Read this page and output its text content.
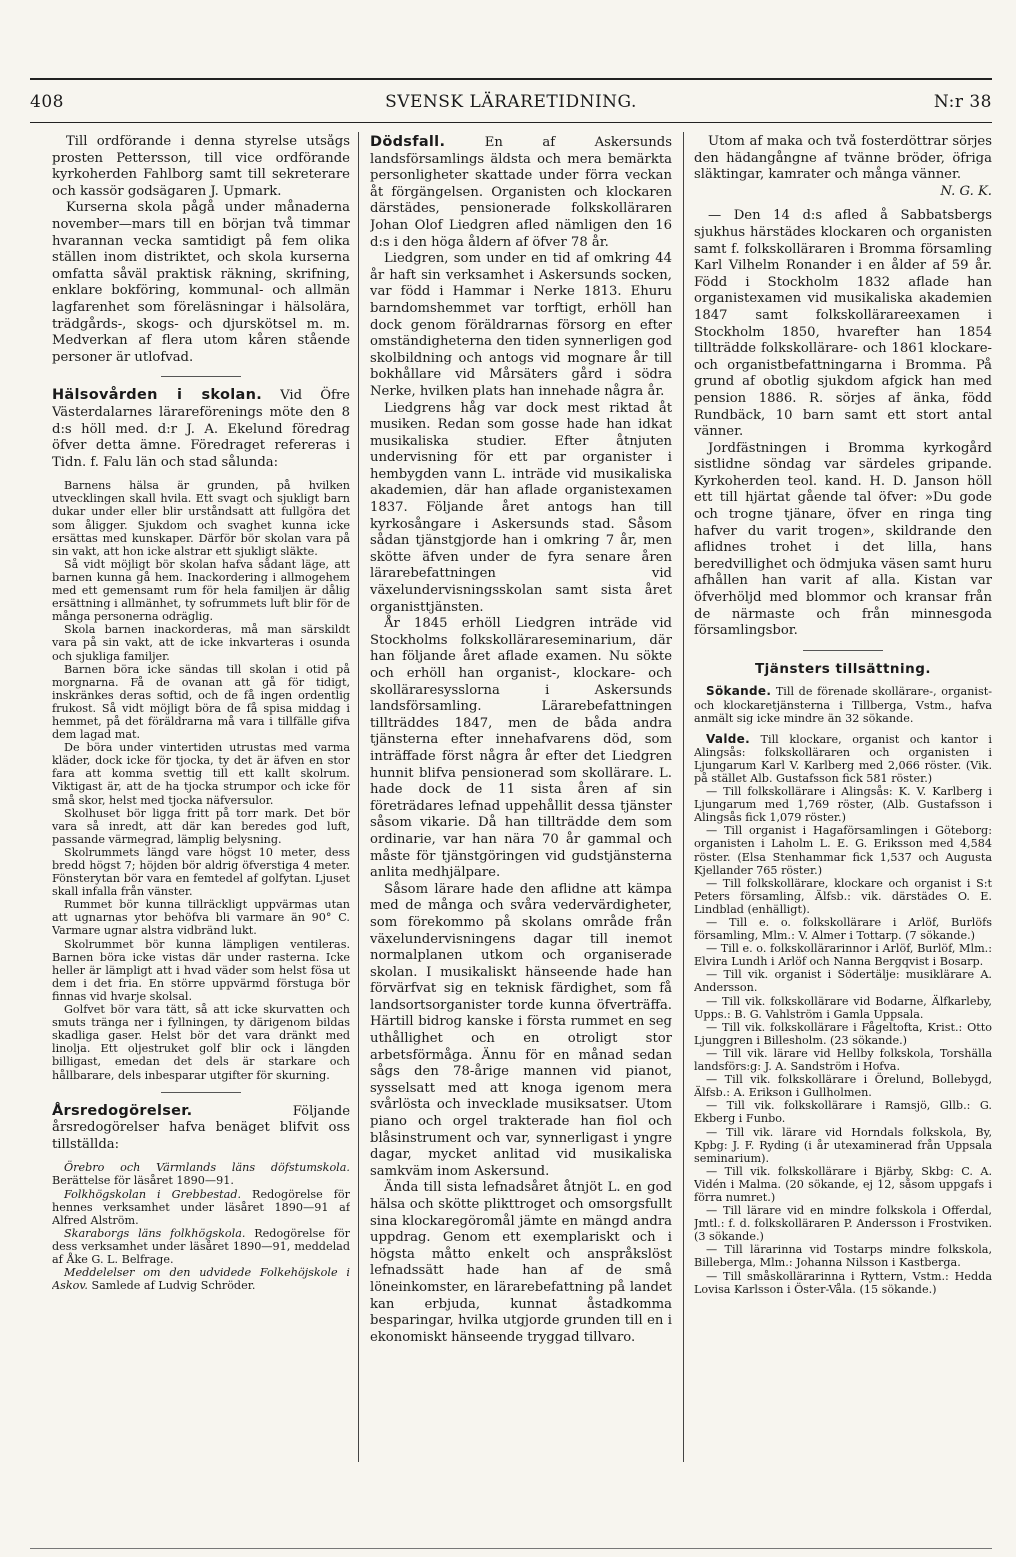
408	SVENSK LÄRARETIDNING.	N:r 38

Till ordförande i denna styrelse utsågs prosten Pettersson, till vice ordförande kyrkoherden Fahlborg samt till sekreterare och kassör godsägaren J. Upmark.

Kurserna skola pågå under månaderna november—mars till en början två timmar hvarannan vecka samtidigt på fem olika ställen inom distriktet, och skola kurserna omfatta såväl praktisk räkning, skrifning, enklare bokföring, kommunal- och allmän lagfarenhet som föreläsningar i hälsolära, trädgårds-, skogs- och djurskötsel m. m. Medverkan af flera utom kåren stående personer är utlofvad.

Hälsovården i skolan. Vid Öfre Västerdalarnes lärareförenings möte den 8 d:s höll med. d:r J. A. Ekelund föredrag öfver detta ämne. Föredraget refereras i Tidn. f. Falu län och stad sålunda:

Barnens hälsa är grunden, på hvilken utvecklingen skall hvila. Ett svagt och sjukligt barn dukar under eller blir urståndsatt att fullgöra det som åligger. Sjukdom och svaghet kunna icke ersättas med kunskaper. Därför bör skolan vara på sin vakt, att hon icke alstrar ett sjukligt släkte.

Så vidt möjligt bör skolan hafva sådant läge, att barnen kunna gå hem. Inackordering i allmogehem med ett gemensamt rum för hela familjen är dålig ersättning i allmänhet, ty sofrummets luft blir för de många personerna odräglig.

Skola barnen inackorderas, må man särskildt vara på sin vakt, att de icke inkvarteras i osunda och sjukliga familjer.

Barnen böra icke sändas till skolan i otid på morgnarna. Få de ovanan att gå för tidigt, inskränkes deras softid, och de få ingen ordentlig frukost. Så vidt möjligt böra de få spisa middag i hemmet, på det föräldrarna må vara i tillfälle gifva dem lagad mat.

De böra under vintertiden utrustas med varma kläder, dock icke för tjocka, ty det är äfven en stor fara att komma svettig till ett kallt skolrum. Viktigast är, att de ha tjocka strumpor och icke för små skor, helst med tjocka näfversulor.

Skolhuset bör ligga fritt på torr mark. Det bör vara så inredt, att där kan beredes god luft, passande värmegrad, lämplig belysning.

Skolrummets längd vare högst 10 meter, dess bredd högst 7; höjden bör aldrig öfverstiga 4 meter. Fönsterytan bör vara en femtedel af golfytan. Ljuset skall infalla från vänster.

Rummet bör kunna tillräckligt uppvärmas utan att ugnarnas ytor behöfva bli varmare än 90° C. Varmare ugnar alstra vidbränd lukt.

Skolrummet bör kunna lämpligen ventileras. Barnen böra icke vistas där under rasterna. Icke heller är lämpligt att i hvad väder som helst fösa ut dem i det fria. En större uppvärmd förstuga bör finnas vid hvarje skolsal.

Golfvet bör vara tätt, så att icke skurvatten och smuts tränga ner i fyllningen, ty därigenom bildas skadliga gaser. Helst bör det vara dränkt med linolja. Ett oljestruket golf blir ock i längden billigast, emedan det dels är starkare och hållbarare, dels inbesparar utgifter för skurning.

Årsredogörelser.	Följande årsredogörelser hafva benäget blifvit oss tillställda:

Örebro och Värmlands läns döfstumskola. Berättelse för läsåret 1890—91.

Folkhögskolan i Grebbestad. Redogörelse för hennes verksamhet under läsåret 1890—91 af Alfred Alström.

Skaraborgs läns folkhögskola. Redogörelse för dess verksamhet under läsåret 1890—91, meddelad af Åke G. L. Belfrage.

Meddelelser om den udvidede Folkehöjskole i Askov. Samlede af Ludvig Schröder.

Dödsfall.	En af Askersunds landsförsamlings äldsta och mera bemärkta personligheter skattade under förra veckan åt förgängelsen. Organisten och klockaren därstädes, pensionerade folkskolläraren Johan Olof Liedgren afled nämligen den 16 d:s i den höga åldern af öfver 78 år.

Liedgren, som under en tid af omkring 44 år haft sin verksamhet i Askersunds socken, var född i Hammar i Nerke 1813. Ehuru barndomshemmet var torftigt, erhöll han dock genom föräldrarnas försorg en efter omständigheterna den tiden synnerligen god skolbildning och antogs vid mognare år till bokhållare vid Mårsäters gård i södra Nerke, hvilken plats han innehade några år.

Liedgrens håg var dock mest riktad åt musiken. Redan som gosse hade han idkat musikaliska studier. Efter åtnjuten undervisning för ett par organister i hembygden vann L. inträde vid musikaliska akademien, där han aflade organistexamen 1837. Följande året antogs han till kyrkosångare i Askersunds stad. Såsom sådan tjänstgjorde han i omkring 7 år, men skötte äfven under de fyra senare åren lärarebefattningen vid växelundervisningsskolan samt sista året organisttjänsten.

År 1845 erhöll Liedgren inträde vid Stockholms folkskollärareseminarium, där han följande året aflade examen. Nu sökte och erhöll han organist-, klockare- och skolläraresysslorna i Askersunds landsförsamling. Lärarebefattningen tillträddes 1847, men de båda andra tjänsterna efter innehafvarens död, som inträffade först några år efter det Liedgren hunnit blifva pensionerad som skollärare. L. hade dock de 11 sista åren af sin företrädares lefnad uppehållit dessa tjänster såsom vikarie. Då han tillträdde dem som ordinarie, var han nära 70 år gammal och måste för tjänstgöringen vid gudstjänsterna anlita medhjälpare.

Såsom lärare hade den aflidne att kämpa med de många och svåra vedervärdigheter, som förekommo på skolans område från växelundervisningens dagar till inemot normalplanen utkom och organiserade skolan. I musikaliskt hänseende hade han förvärfvat sig en teknisk färdighet, som få landsortsorganister torde kunna öfverträffa. Härtill bidrog kanske i första rummet en seg uthållighet och en otroligt stor arbetsförmåga. Ännu för en månad sedan sågs den 78-årige mannen vid pianot, sysselsatt med att knoga igenom mera svårlösta och invecklade musiksatser. Utom piano och orgel trakterade han fiol och blåsinstrument och var, synnerligast i yngre dagar, mycket anlitad vid musikaliska samkväm inom Askersund.

Ända till sista lefnadsåret åtnjöt L. en god hälsa och skötte plikttroget och omsorgsfullt sina klockaregöromål jämte en mängd andra uppdrag. Genom ett exemplariskt och i högsta måtto enkelt och anspråkslöst lefnadssätt hade han af de små löneinkomster, en lärarebefattning på landet kan erbjuda, kunnat åstadkomma besparingar, hvilka utgjorde grunden till en i ekonomiskt hänseende tryggad tillvaro.

Utom af maka och två fosterdöttrar sörjes den hädangångne af tvänne bröder, öfriga släktingar, kamrater och många vänner.

N. G. K.

— Den 14 d:s afled å Sabbatsbergs sjukhus härstädes klockaren och organisten samt f. folkskolläraren i Bromma församling Karl Vilhelm Ronander i en ålder af 59 år. Född i Stockholm 1832 aflade han organistexamen vid musikaliska akademien 1847 samt folkskollärareexamen i Stockholm 1850, hvarefter han 1854 tillträdde folkskollärare- och 1861 klockare- och organistbefattningarna i Bromma. På grund af obotlig sjukdom afgick han med pension 1886. R. sörjes af änka, född Rundbäck, 10 barn samt ett stort antal vänner.

Jordfästningen i Bromma kyrkogård sistlidne söndag var särdeles gripande. Kyrkoherden teol. kand. H. D. Janson höll ett till hjärtat gående tal öfver: »Du gode och trogne tjänare, öfver en ringa ting hafver du varit trogen», skildrande den aflidnes trohet i det lilla, hans beredvillighet och ödmjuka väsen samt huru afhållen han varit af alla. Kistan var öfverhöljd med blommor och kransar från de närmaste och från minnesgoda församlingsbor.

Tjänsters tillsättning.

Sökande. Till de förenade skollärare-, organist- och klockaretjänsterna i Tillberga, Vstm., hafva anmält sig icke mindre än 32 sökande.

Valde. Till klockare, organist och kantor i Alingsås: folkskolläraren och organisten i Ljungarum Karl V. Karlberg med 2,066 röster. (Vik. på stället Alb. Gustafsson fick 581 röster.)

— Till folkskollärare i Alingsås: K. V. Karlberg i Ljungarum med 1,769 röster, (Alb. Gustafsson i Alingsås fick 1,079 röster.)

— Till organist i Hagaförsamlingen i Göteborg: organisten i Laholm L. E. G. Eriksson med 4,584 röster. (Elsa Stenhammar fick 1,537 och Augusta Kjellander 765 röster.)

— Till folkskollärare, klockare och organist i S:t Peters församling, Älfsb.: vik. därstädes O. E. Lindblad (enhälligt).

— Till e. o. folkskollärare i Arlöf, Burlöfs församling, Mlm.: V. Almer i Tottarp. (7 sökande.)

— Till e. o. folkskollärarinnor i Arlöf, Burlöf, Mlm.: Elvira Lundh i Arlöf och Nanna Bergqvist i Bosarp.

— Till vik. organist i Södertälje: musiklärare A. Andersson.

— Till vik. folkskollärare vid Bodarne, Älfkarleby, Upps.: B. G. Vahlström i Gamla Uppsala.

— Till vik. folkskollärare i Fågeltofta, Krist.: Otto Ljunggren i Billesholm. (23 sökande.)

— Till vik. lärare vid Hellby folkskola, Torshälla landsförs:g: J. A. Sandström i Hofva.

— Till vik. folkskollärare i Örelund, Bollebygd, Älfsb.: A. Erikson i Gullholmen.

— Till vik. folkskollärare i Ramsjö, Gllb.: G. Ekberg i Funbo.

— Till vik. lärare vid Horndals folkskola, By, Kpbg: J. F. Ryding (i år utexaminerad från Uppsala seminarium).

— Till vik. folkskollärare i Bjärby, Skbg: C. A. Vidén i Malma. (20 sökande, ej 12, såsom uppgafs i förra numret.)

— Till lärare vid en mindre folkskola i Offerdal, Jmtl.: f. d. folkskolläraren P. Andersson i Frostviken. (3 sökande.)

— Till lärarinna vid Tostarps mindre folkskola, Billeberga, Mlm.: Johanna Nilsson i Kastberga.

— Till småskollärarinna i Ryttern, Vstm.: Hedda Lovisa Karlsson i Öster-Våla. (15 sökande.)
